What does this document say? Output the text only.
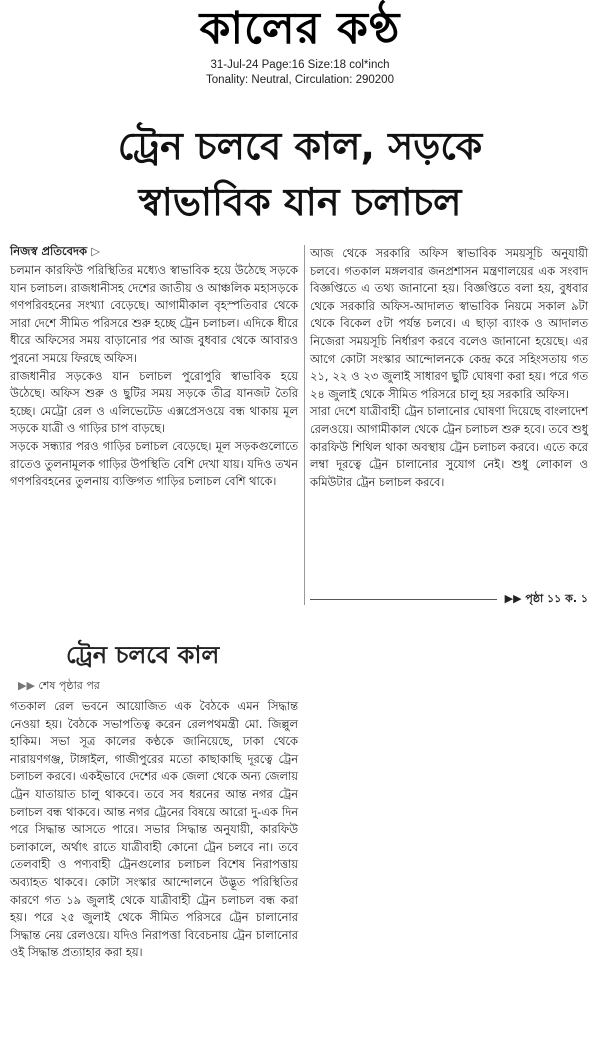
কালের কণ্ঠ
31-Jul-24 Page:16 Size:18 col*inch
Tonality: Neutral, Circulation: 290200
ট্রেন চলবে কাল, সড়কে
স্বাভাবিক যান চলাচল
নিজস্ব প্রতিবেদক ▷

চলমান কারফিউ পরিস্থিতির মধ্যেও স্বাভাবিক হয়ে উঠেছে সড়কে যান চলাচল। রাজধানীসহ দেশের জাতীয় ও আঞ্চলিক মহাসড়কে গণপরিবহনের সংখ্যা বেড়েছে। আগামীকাল বৃহস্পতিবার থেকে সারা দেশে সীমিত পরিসরে শুরু হচ্ছে ট্রেন চলাচল। এদিকে ধীরে ধীরে অফিসের সময় বাড়ানোর পর আজ বুধবার থেকে আবারও পুরনো সময়ে ফিরছে অফিস।

রাজধানীর সড়কেও যান চলাচল পুরোপুরি স্বাভাবিক হয়ে উঠেছে। অফিস শুরু ও ছুটির সময় সড়কে তীব্র যানজট তৈরি হচ্ছে। মেট্রো রেল ও এলিভেটেড এক্সপ্রেসওয়ে বন্ধ থাকায় মূল সড়কে যাত্রী ও গাড়ির চাপ বাড়ছে।

সড়কে সন্ধ্যার পরও গাড়ির চলাচল বেড়েছে। মূল সড়কগুলোতে রাতেও তুলনামূলক গাড়ির উপস্থিতি বেশি দেখা যায়। যদিও তখন গণপরিবহনের তুলনায় ব্যক্তিগত গাড়ির চলাচল বেশি থাকে।

আজ থেকে সরকারি অফিস স্বাভাবিক সময়সূচি অনুযায়ী চলবে। গতকাল মঙ্গলবার জনপ্রশাসন মন্ত্রণালয়ের এক সংবাদ বিজ্ঞপ্তিতে এ তথ্য জানানো হয়। বিজ্ঞপ্তিতে বলা হয়, বুধবার থেকে সরকারি অফিস-আদালত স্বাভাবিক নিয়মে সকাল ৯টা থেকে বিকেল ৫টা পর্যন্ত চলবে। এ ছাড়া ব্যাংক ও আদালত নিজেরা সময়সূচি নির্ধারণ করবে বলেও জানানো হয়েছে। এর আগে কোটা সংস্কার আন্দোলনকে কেন্দ্র করে সহিংসতায় গত ২১, ২২ ও ২৩ জুলাই সাধারণ ছুটি ঘোষণা করা হয়। পরে গত ২৪ জুলাই থেকে সীমিত পরিসরে চালু হয় সরকারি অফিস।

সারা দেশে যাত্রীবাহী ট্রেন চালানোর ঘোষণা দিয়েছে বাংলাদেশ রেলওয়ে। আগামীকাল থেকে ট্রেন চলাচল শুরু হবে। তবে শুধু কারফিউ শিথিল থাকা অবস্থায় ট্রেন চলাচল করবে। এতে করে লম্বা দূরত্বে ট্রেন চালানোর সুযোগ নেই। শুধু লোকাল ও কমিউটার ট্রেন চলাচল করবে।

▶▶ পৃষ্ঠা ১১ ক. ১
ট্রেন চলবে কাল
▶▶ শেষ পৃষ্ঠার পর

গতকাল রেল ভবনে আয়োজিত এক বৈঠকে এমন সিদ্ধান্ত নেওয়া হয়। বৈঠকে সভাপতিত্ব করেন রেলপথমন্ত্রী মো. জিল্লুল হাকিম। সভা সূত্র কালের কণ্ঠকে জানিয়েছে, ঢাকা থেকে নারায়ণগঞ্জ, টাঙ্গাইল, গাজীপুরের মতো কাছাকাছি দূরত্বে ট্রেন চলাচল করবে। একইভাবে দেশের এক জেলা থেকে অন্য জেলায় ট্রেন যাতায়াত চালু থাকবে। তবে সব ধরনের আন্ত নগর ট্রেন চলাচল বন্ধ থাকবে। আন্ত নগর ট্রেনের বিষয়ে আরো দু-এক দিন পরে সিদ্ধান্ত আসতে পারে। সভার সিদ্ধান্ত অনুযায়ী, কারফিউ চলাকালে, অর্থাৎ রাতে যাত্রীবাহী কোনো ট্রেন চলবে না। তবে তেলবাহী ও পণ্যবাহী ট্রেনগুলোর চলাচল বিশেষ নিরাপত্তায় অব্যাহত থাকবে। কোটা সংস্কার আন্দোলনে উদ্ভূত পরিস্থিতির কারণে গত ১৯ জুলাই থেকে যাত্রীবাহী ট্রেন চলাচল বন্ধ করা হয়। পরে ২৫ জুলাই থেকে সীমিত পরিসরে ট্রেন চালানোর সিদ্ধান্ত নেয় রেলওয়ে। যদিও নিরাপত্তা বিবেচনায় ট্রেন চালানোর ওই সিদ্ধান্ত প্রত্যাহার করা হয়।
